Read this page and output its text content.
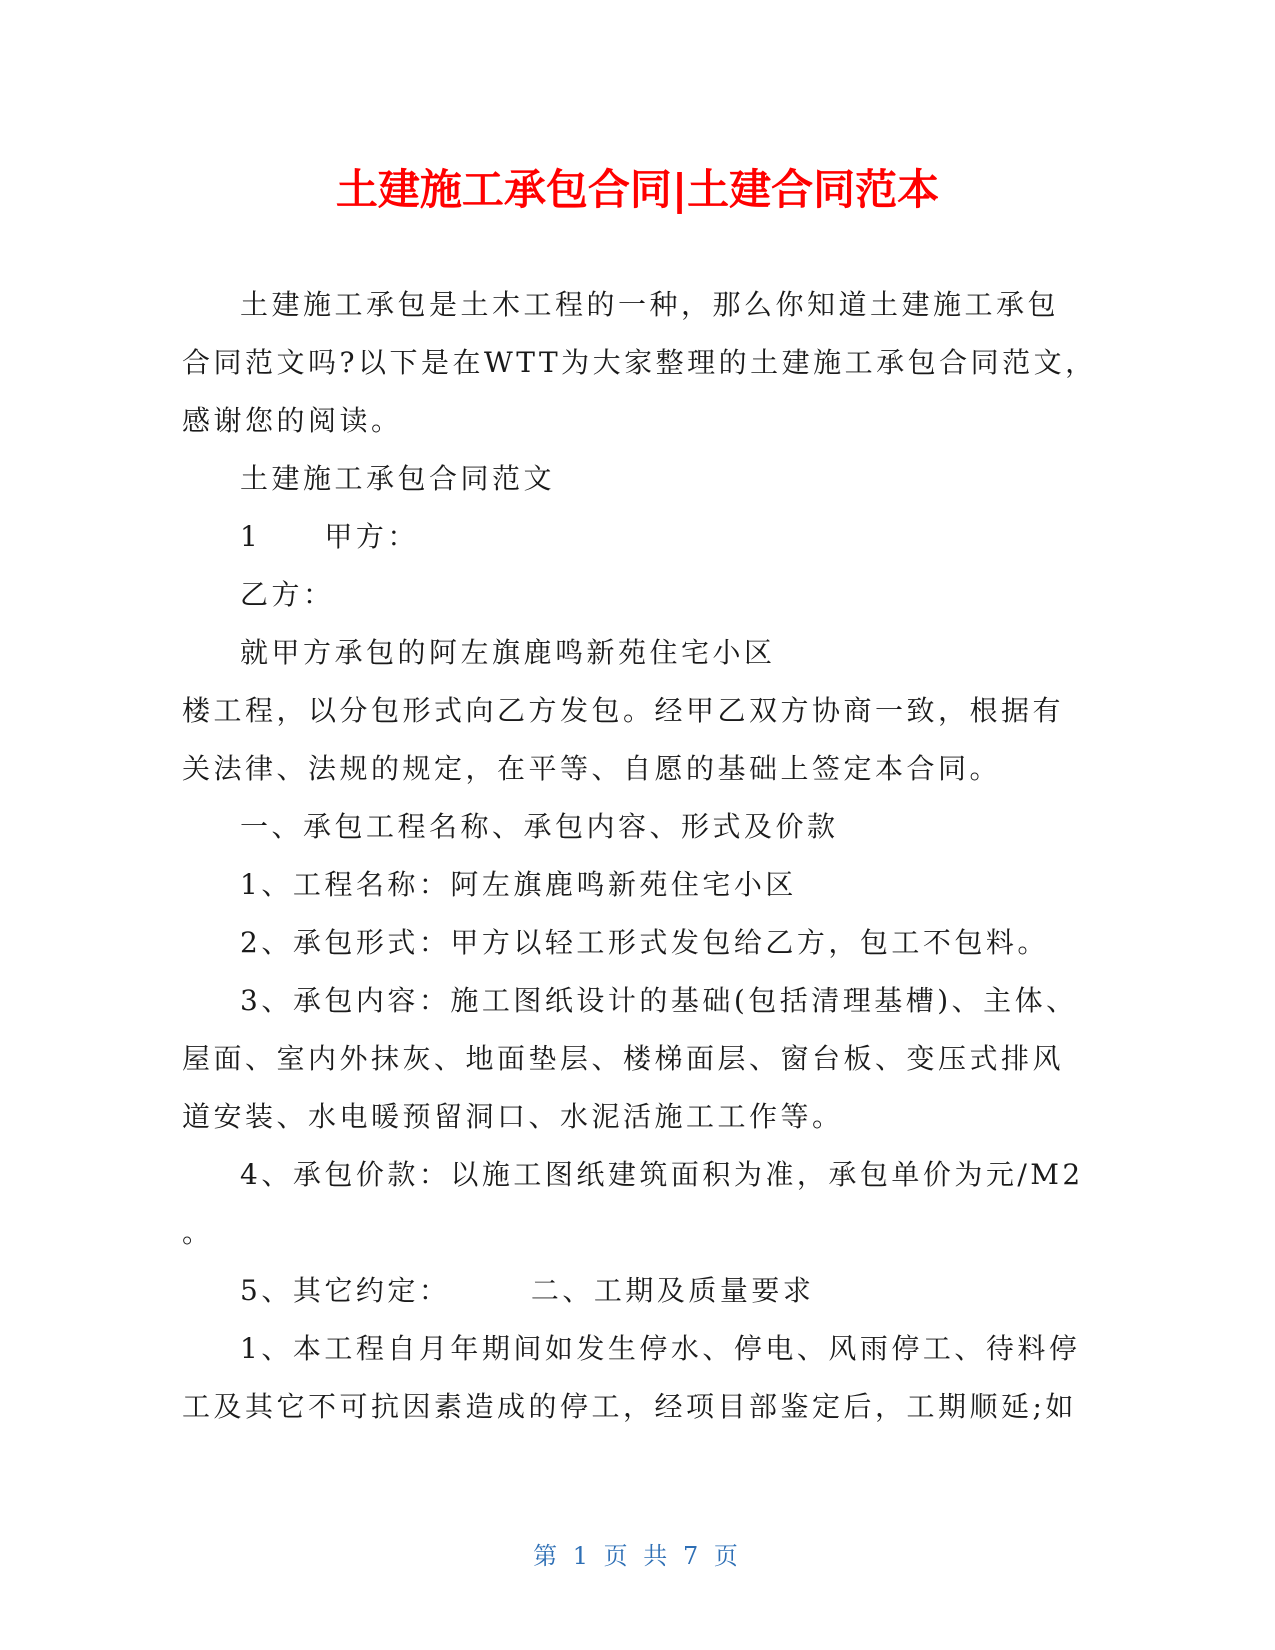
土建施工承包合同|土建合同范本
土建施工承包是土木工程的一种，那么你知道土建施工承包
合同范文吗?以下是在WTT为大家整理的土建施工承包合同范文，
感谢您的阅读。
土建施工承包合同范文
1　　甲方：
乙方：
就甲方承包的阿左旗鹿鸣新苑住宅小区
楼工程，以分包形式向乙方发包。经甲乙双方协商一致，根据有
关法律、法规的规定，在平等、自愿的基础上签定本合同。
一、承包工程名称、承包内容、形式及价款
1、工程名称：阿左旗鹿鸣新苑住宅小区
2、承包形式：甲方以轻工形式发包给乙方，包工不包料。
3、承包内容：施工图纸设计的基础(包括清理基槽)、主体、
屋面、室内外抹灰、地面垫层、楼梯面层、窗台板、变压式排风
道安装、水电暖预留洞口、水泥活施工工作等。
4、承包价款：以施工图纸建筑面积为准，承包单价为元/M2
。
5、其它约定：　　　二、工期及质量要求
1、本工程自月年期间如发生停水、停电、风雨停工、待料停
工及其它不可抗因素造成的停工，经项目部鉴定后，工期顺延;如
第 1 页 共 7 页
